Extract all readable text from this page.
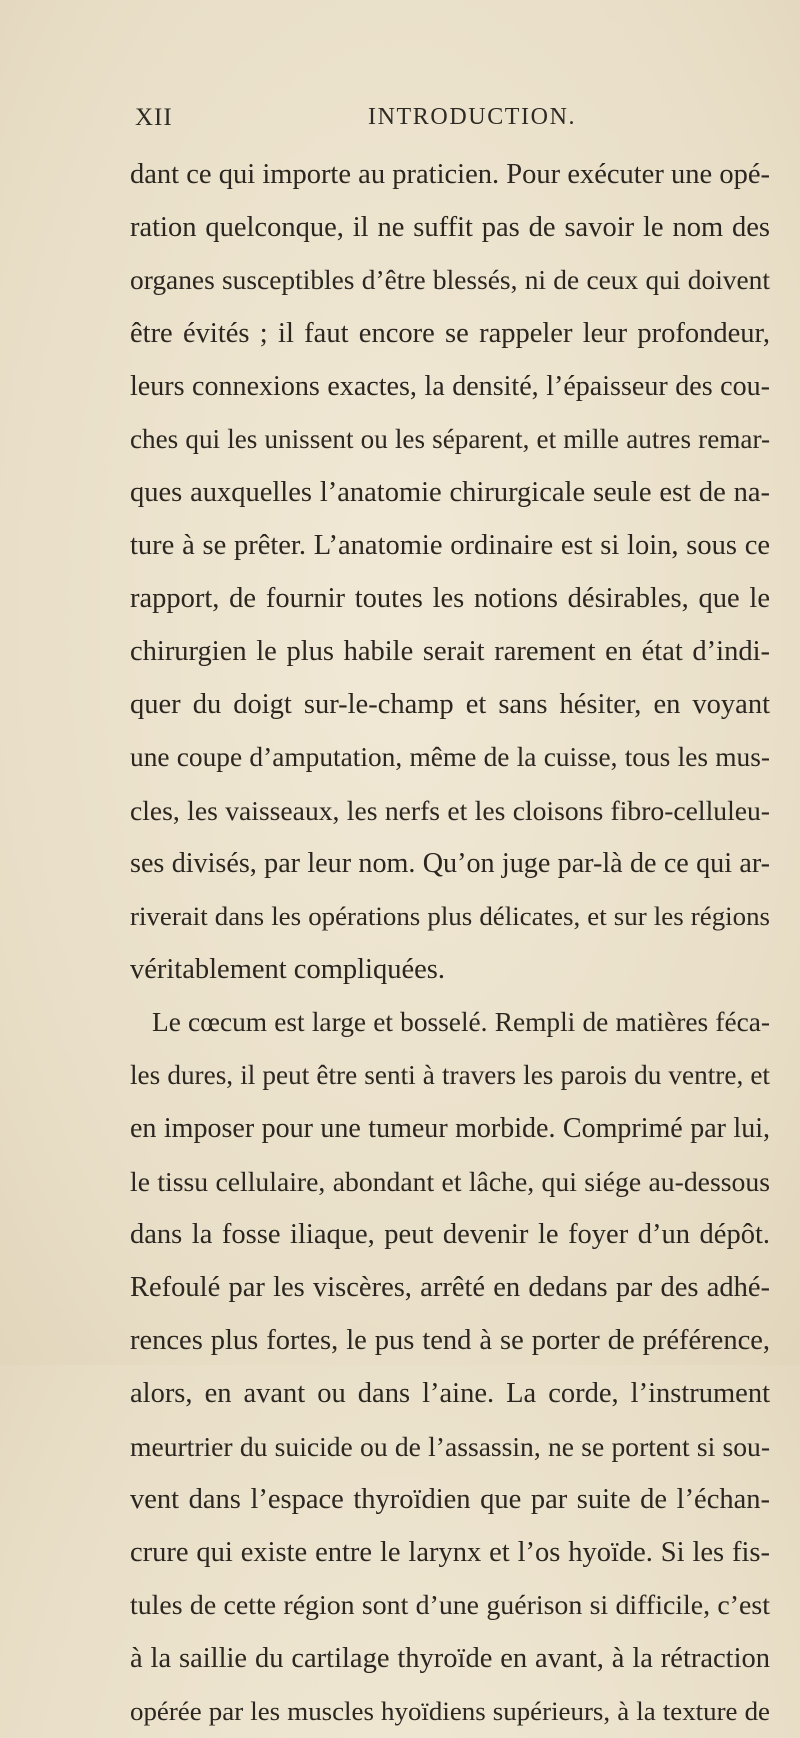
XII	INTRODUCTION.
dant ce qui importe au praticien. Pour exécuter une opé-
ration quelconque, il ne suffit pas de savoir le nom des
organes susceptibles d’être blessés, ni de ceux qui doivent
être évités ; il faut encore se rappeler leur profondeur,
leurs connexions exactes, la densité, l’épaisseur des cou-
ches qui les unissent ou les séparent, et mille autres remar-
ques auxquelles l’anatomie chirurgicale seule est de na-
ture à se prêter. L’anatomie ordinaire est si loin, sous ce
rapport, de fournir toutes les notions désirables, que le
chirurgien le plus habile serait rarement en état d’indi-
quer du doigt sur-le-champ et sans hésiter, en voyant
une coupe d’amputation, même de la cuisse, tous les mus-
cles, les vaisseaux, les nerfs et les cloisons fibro-celluleu-
ses divisés, par leur nom. Qu’on juge par-là de ce qui ar-
riverait dans les opérations plus délicates, et sur les régions
véritablement compliquées.
Le cœcum est large et bosselé. Rempli de matières féca-
les dures, il peut être senti à travers les parois du ventre, et
en imposer pour une tumeur morbide. Comprimé par lui,
le tissu cellulaire, abondant et lâche, qui siége au-dessous
dans la fosse iliaque, peut devenir le foyer d’un dépôt.
Refoulé par les viscères, arrêté en dedans par des adhé-
rences plus fortes, le pus tend à se porter de préférence,
alors, en avant ou dans l’aine. La corde, l’instrument
meurtrier du suicide ou de l’assassin, ne se portent si sou-
vent dans l’espace thyroïdien que par suite de l’échan-
crure qui existe entre le larynx et l’os hyoïde. Si les fis-
tules de cette région sont d’une guérison si difficile, c’est
à la saillie du cartilage thyroïde en avant, à la rétraction
opérée par les muscles hyoïdiens supérieurs, à la texture de
